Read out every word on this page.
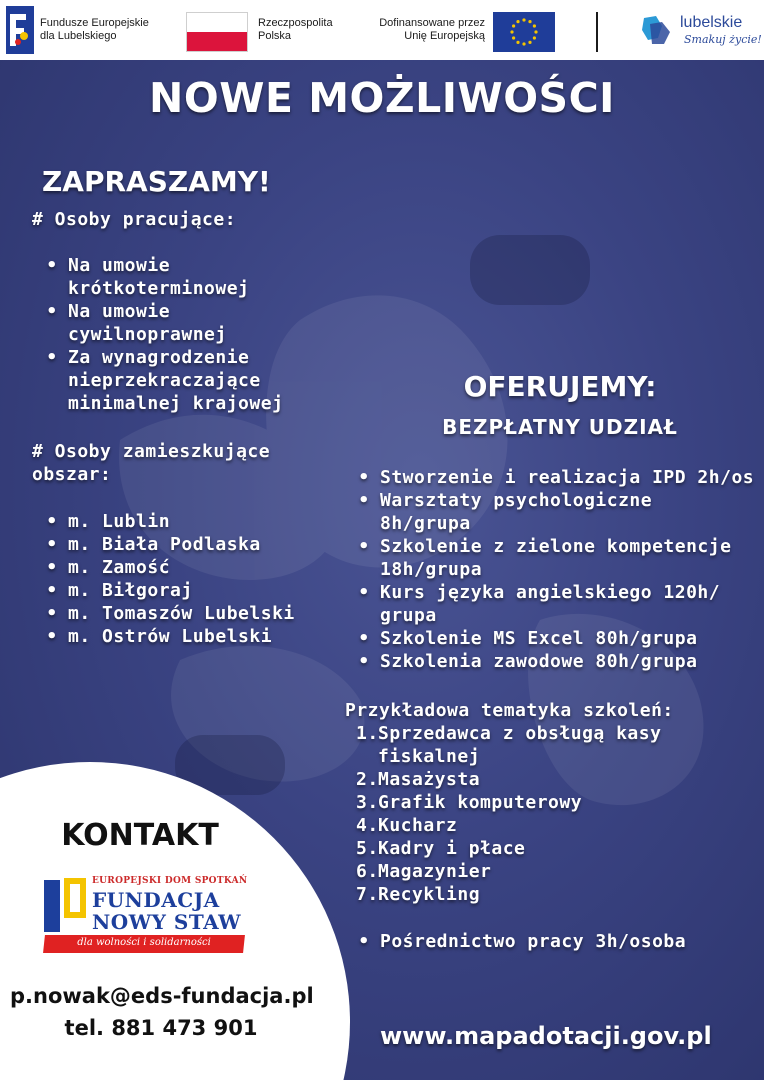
Fundusze Europejskie
dla Lubelskiego
Rzeczpospolita
Polska
Dofinansowane przez
Unię Europejską
lubelskie
Smakuj życie!
NOWE MOŻLIWOŚCI
ZAPRASZAMY!
# Osoby pracujące:
• Na umowie
krótkoterminowej
• Na umowie
cywilnoprawnej
• Za wynagrodzenie
nieprzekraczające
minimalnej krajowej
# Osoby zamieszkujące
obszar:
• m. Lublin
• m. Biała Podlaska
• m. Zamość
• m. Biłgoraj
• m. Tomaszów Lubelski
• m. Ostrów Lubelski
OFERUJEMY:
BEZPŁATNY UDZIAŁ
• Stworzenie i realizacja IPD 2h/os
• Warsztaty psychologiczne
8h/grupa
• Szkolenie z zielone kompetencje
18h/grupa
• Kurs języka angielskiego 120h/
grupa
• Szkolenie MS Excel 80h/grupa
• Szkolenia zawodowe 80h/grupa
Przykładowa tematyka szkoleń:
1. Sprzedawca z obsługą kasy
fiskalnej
2. Masażysta
3. Grafik komputerowy
4. Kucharz
5. Kadry i płace
6. Magazynier
7. Recykling
• Pośrednictwo pracy 3h/osoba
www.mapadotacji.gov.pl
KONTAKT
EUROPEJSKI DOM SPOTKAŃ
FUNDACJA
NOWY STAW
dla wolności i solidarności
p.nowak@eds-fundacja.pl
tel. 881 473 901
